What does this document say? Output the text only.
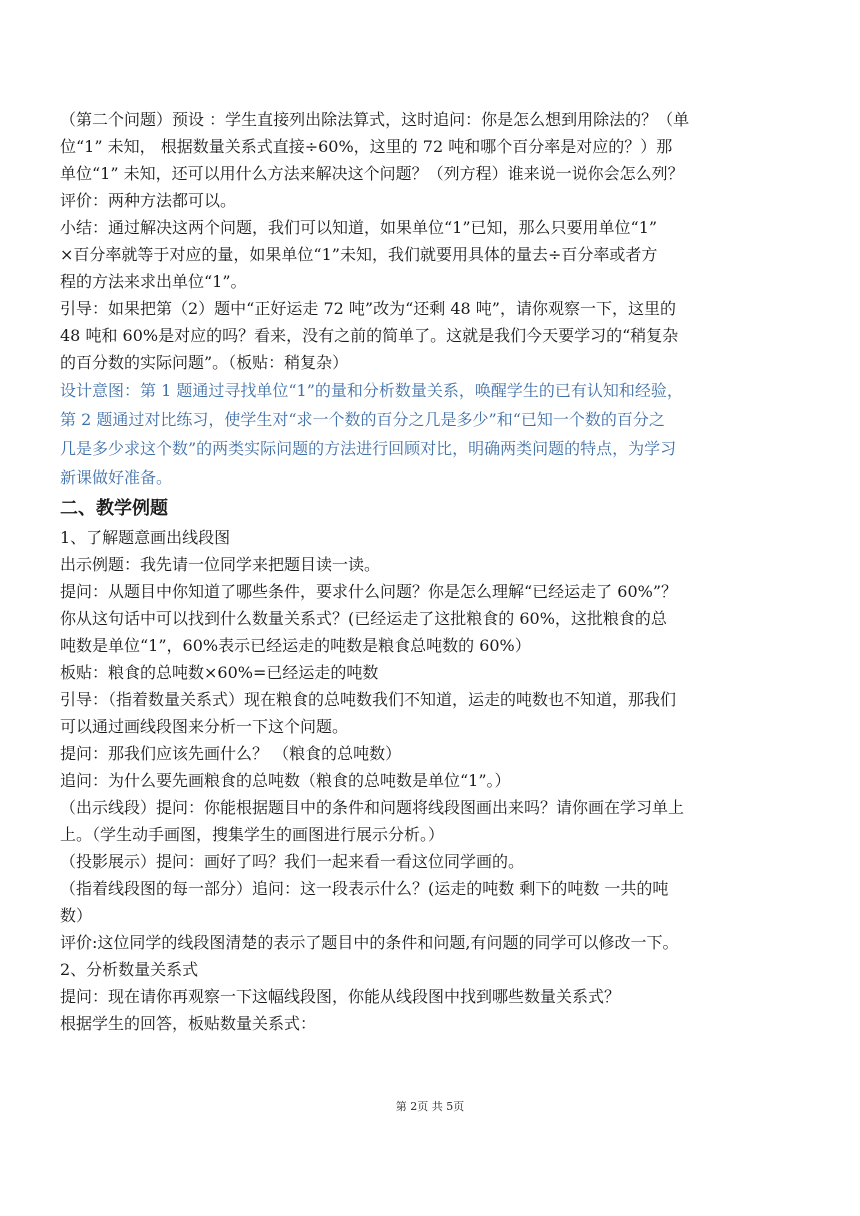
（第二个问题）预设 ：学生直接列出除法算式，这时追问：你是怎么想到用除法的？（单

位“1” 未知， 根据数量关系式直接÷60%，这里的 72 吨和哪个百分率是对应的？）那

单位“1” 未知，还可以用什么方法来解决这个问题？（列方程）谁来说一说你会怎么列？

评价：两种方法都可以。

小结：通过解决这两个问题，我们可以知道，如果单位“1”已知，那么只要用单位“1”

×百分率就等于对应的量，如果单位“1”未知，我们就要用具体的量去÷百分率或者方

程的方法来求出单位“1”。

引导：如果把第（2）题中“正好运走 72 吨”改为“还剩 48 吨”，请你观察一下，这里的

48 吨和 60%是对应的吗？看来，没有之前的简单了。这就是我们今天要学习的“稍复杂

的百分数的实际问题”。（板贴：稍复杂）

设计意图：第 1 题通过寻找单位“1”的量和分析数量关系，唤醒学生的已有认知和经验，

第 2 题通过对比练习，使学生对“求一个数的百分之几是多少”和“已知一个数的百分之

几是多少求这个数”的两类实际问题的方法进行回顾对比，明确两类问题的特点，为学习

新课做好准备。

二、教学例题

1、了解题意画出线段图

出示例题：我先请一位同学来把题目读一读。

提问：从题目中你知道了哪些条件，要求什么问题？你是怎么理解“已经运走了 60%”？

你从这句话中可以找到什么数量关系式？(已经运走了这批粮食的 60%，这批粮食的总

吨数是单位“1”，60%表示已经运走的吨数是粮食总吨数的 60%）

板贴：粮食的总吨数×60%=已经运走的吨数

引导：（指着数量关系式）现在粮食的总吨数我们不知道，运走的吨数也不知道，那我们

可以通过画线段图来分析一下这个问题。

提问：那我们应该先画什么？ （粮食的总吨数）

追问：为什么要先画粮食的总吨数（粮食的总吨数是单位“1”。）

（出示线段）提问：你能根据题目中的条件和问题将线段图画出来吗？请你画在学习单上

上。（学生动手画图，搜集学生的画图进行展示分析。）

（投影展示）提问：画好了吗？我们一起来看一看这位同学画的。

（指着线段图的每一部分）追问：这一段表示什么？(运走的吨数 剩下的吨数 一共的吨

数）

评价:这位同学的线段图清楚的表示了题目中的条件和问题,有问题的同学可以修改一下。

2、分析数量关系式

提问：现在请你再观察一下这幅线段图，你能从线段图中找到哪些数量关系式？

根据学生的回答，板贴数量关系式：

第 2页 共 5页
